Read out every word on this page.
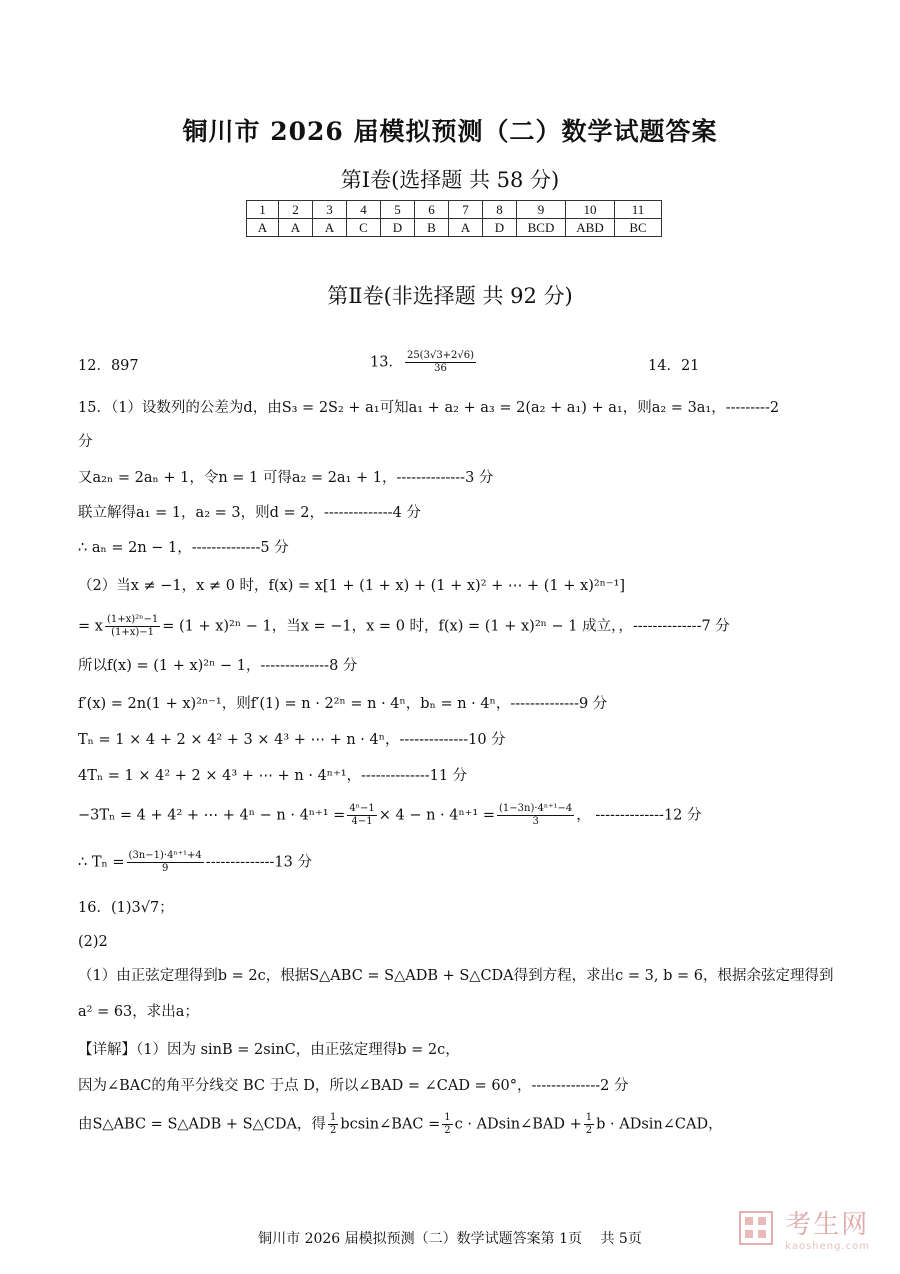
铜川市 2026 届模拟预测（二）数学试题答案
第Ⅰ卷(选择题 共 58 分)
1	2	3	4	5	6	7	8	9	10	11
A	A	A	C	D	B	A	D	BCD	ABD	BC
第Ⅱ卷(非选择题 共 92 分)
12．897	13． $\frac{25(3√3+2√6)}{36}$	14．21
15．（1）设数列的公差为d，由S₃ = 2S₂ + a₁可知a₁ + a₂ + a₃ = 2(a₂ + a₁) + a₁，则a₂ = 3a₁，---------2
分
又a₂ₙ = 2aₙ + 1，令n = 1 可得a₂ = 2a₁ + 1，--------------3 分
联立解得a₁ = 1，a₂ = 3，则d = 2，--------------4 分
∴ aₙ = 2n − 1，--------------5 分
（2）当x ≠ −1，x ≠ 0 时，f(x) = x[1 + (1 + x) + (1 + x)² + ⋯ + (1 + x)²ⁿ⁻¹]
= x $\frac{\text{(1+x)²ⁿ−1}}{(1+x)-1} = (1 + x)^{2n} - 1$，当x = −1，x = 0 时，f(x) = (1 + x)²ⁿ − 1 成立，，--------------7 分
所以f(x) = (1 + x)²ⁿ − 1，--------------8 分
f′(x) = 2n(1 + x)²ⁿ⁻¹，则f′(1) = n · 2²ⁿ = n · 4ⁿ，bₙ = n · 4ⁿ，--------------9 分
Tₙ = 1 × 4 + 2 × 4² + 3 × 4³ + ⋯ + n · 4ⁿ，--------------10 分
4Tₙ = 1 × 4² + 2 × 4³ + ⋯ + n · 4ⁿ⁺¹，--------------11 分
−3Tₙ = 4 + 4² + ⋯ + $4^n - n \cdot 4^{n+1} = \frac{\text{4ⁿ−1}}{4-1} \times 4 - n \cdot 4^{n+1} = \frac{\text{(1−3n)·4ⁿ⁺¹−4}}{3}$ ， --------------12 分
∴ $T_n = \frac{\text{(3n−1)·4ⁿ⁺¹+4}}{9} --------------13$ 分
16．(1)3√7；
(2)2
（1）由正弦定理得到b = 2c，根据S△ABC = S△ADB + S△CDA得到方程，求出c = 3, b = 6，根据余弦定理得到
a² = 63，求出a；
【详解】（1）因为 sinB = 2sinC，由正弦定理得b = 2c，
因为∠BAC的角平分线交 BC 于点 D，所以∠BAD = ∠CAD = 60°，--------------2 分
由S△ABC = S△ADB + S△CDA，得 $\frac{1}{2}$ bcsin∠BAC = $\frac{1}{2}$ c · ADsin∠BAD + $\frac{1}{2}$ b · ADsin∠CAD，
铜川市 2026 届模拟预测（二）数学试题答案第 1页　 共 5页
	考生网
kaosheng.com
